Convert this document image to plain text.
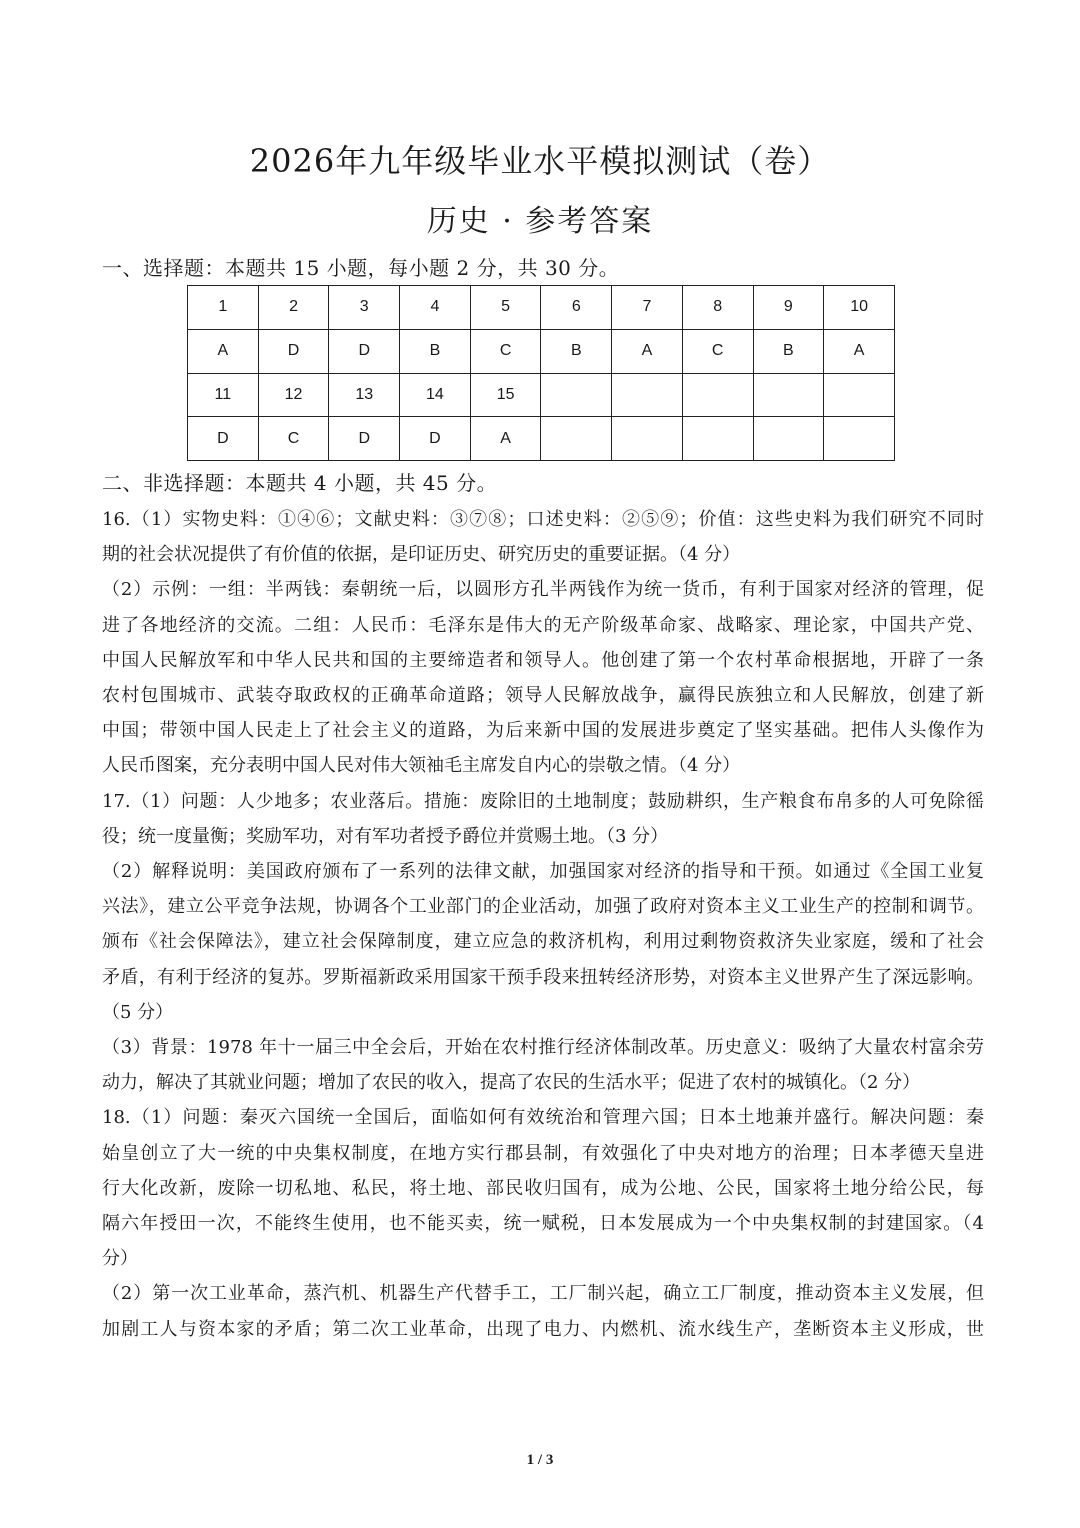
2026年九年级毕业水平模拟测试（卷）
历史 · 参考答案
一、选择题：本题共 15 小题，每小题 2 分，共 30 分。
1	2	3	4	5	6	7	8	9	10
A	D	D	B	C	B	A	C	B	A
11	12	13	14	15					
D	C	D	D	A					
二、非选择题：本题共 4 小题，共 45 分。
16.（1）实物史料：①④⑥；文献史料：③⑦⑧；口述史料：②⑤⑨；价值：这些史料为我们研究不同时
期的社会状况提供了有价值的依据，是印证历史、研究历史的重要证据。（4 分）
（2）示例：一组：半两钱：秦朝统一后，以圆形方孔半两钱作为统一货币，有利于国家对经济的管理，促
进了各地经济的交流。二组：人民币：毛泽东是伟大的无产阶级革命家、战略家、理论家，中国共产党、
中国人民解放军和中华人民共和国的主要缔造者和领导人。他创建了第一个农村革命根据地，开辟了一条
农村包围城市、武装夺取政权的正确革命道路；领导人民解放战争，赢得民族独立和人民解放，创建了新
中国；带领中国人民走上了社会主义的道路，为后来新中国的发展进步奠定了坚实基础。把伟人头像作为
人民币图案，充分表明中国人民对伟大领袖毛主席发自内心的崇敬之情。（4 分）
17.（1）问题：人少地多；农业落后。措施：废除旧的土地制度；鼓励耕织，生产粮食布帛多的人可免除徭
役；统一度量衡；奖励军功，对有军功者授予爵位并赏赐土地。（3 分）
（2）解释说明：美国政府颁布了一系列的法律文献，加强国家对经济的指导和干预。如通过《全国工业复
兴法》，建立公平竞争法规，协调各个工业部门的企业活动，加强了政府对资本主义工业生产的控制和调节。
颁布《社会保障法》，建立社会保障制度，建立应急的救济机构，利用过剩物资救济失业家庭，缓和了社会
矛盾，有利于经济的复苏。罗斯福新政采用国家干预手段来扭转经济形势，对资本主义世界产生了深远影响。
（5 分）
（3）背景：1978 年十一届三中全会后，开始在农村推行经济体制改革。历史意义：吸纳了大量农村富余劳
动力，解决了其就业问题；增加了农民的收入，提高了农民的生活水平；促进了农村的城镇化。（2 分）
18.（1）问题：秦灭六国统一全国后，面临如何有效统治和管理六国；日本土地兼并盛行。解决问题：秦
始皇创立了大一统的中央集权制度，在地方实行郡县制，有效强化了中央对地方的治理；日本孝德天皇进
行大化改新，废除一切私地、私民，将土地、部民收归国有，成为公地、公民，国家将土地分给公民，每
隔六年授田一次，不能终生使用，也不能买卖，统一赋税，日本发展成为一个中央集权制的封建国家。（4
分）
（2）第一次工业革命，蒸汽机、机器生产代替手工，工厂制兴起，确立工厂制度，推动资本主义发展，但
加剧工人与资本家的矛盾；第二次工业革命，出现了电力、内燃机、流水线生产，垄断资本主义形成，世
1 / 3
